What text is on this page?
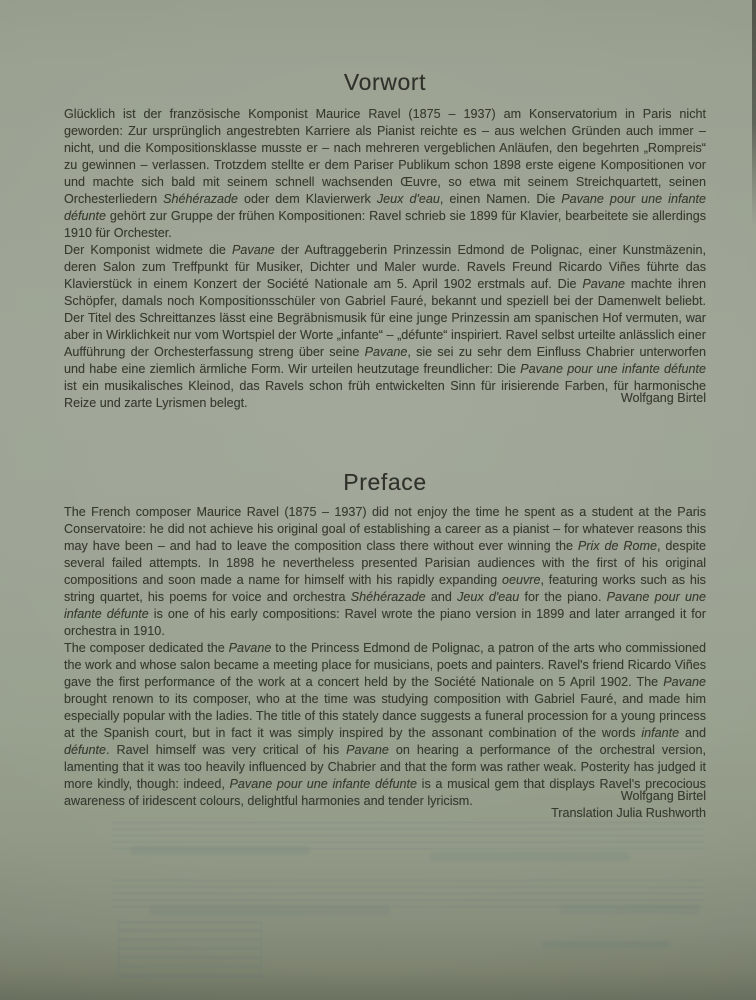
Vorwort

Glücklich ist der französische Komponist Maurice Ravel (1875 – 1937) am Konservatorium in Paris nicht geworden: Zur ursprünglich angestrebten Karriere als Pianist reichte es – aus welchen Gründen auch immer – nicht, und die Kompositionsklasse musste er – nach mehreren vergeblichen Anläufen, den begehrten „Rompreis“ zu gewinnen – verlassen. Trotzdem stellte er dem Pariser Publikum schon 1898 erste eigene Kompositionen vor und machte sich bald mit seinem schnell wachsenden Œuvre, so etwa mit seinem Streichquartett, seinen Orchesterliedern Shéhérazade oder dem Klavierwerk Jeux d'eau, einen Namen. Die Pavane pour une infante défunte gehört zur Gruppe der frühen Kompositionen: Ravel schrieb sie 1899 für Klavier, bearbeitete sie allerdings 1910 für Orchester.

Der Komponist widmete die Pavane der Auftraggeberin Prinzessin Edmond de Polignac, einer Kunstmäzenin, deren Salon zum Treffpunkt für Musiker, Dichter und Maler wurde. Ravels Freund Ricardo Viñes führte das Klavierstück in einem Konzert der Société Nationale am 5. April 1902 erstmals auf. Die Pavane machte ihren Schöpfer, damals noch Kompositionsschüler von Gabriel Fauré, bekannt und speziell bei der Damenwelt beliebt. Der Titel des Schreittanzes lässt eine Begräbnismusik für eine junge Prinzessin am spanischen Hof vermuten, war aber in Wirklichkeit nur vom Wortspiel der Worte „infante“ – „défunte“ inspiriert. Ravel selbst urteilte anlässlich einer Aufführung der Orchesterfassung streng über seine Pavane, sie sei zu sehr dem Einfluss Chabrier unterworfen und habe eine ziemlich ärmliche Form. Wir urteilen heutzutage freundlicher: Die Pavane pour une infante défunte ist ein musikalisches Kleinod, das Ravels schon früh entwickelten Sinn für irisierende Farben, für harmonische Reize und zarte Lyrismen belegt.	Wolfgang Birtel
Preface

The French composer Maurice Ravel (1875 – 1937) did not enjoy the time he spent as a student at the Paris Conservatoire: he did not achieve his original goal of establishing a career as a pianist – for whatever reasons this may have been – and had to leave the composition class there without ever winning the Prix de Rome, despite several failed attempts. In 1898 he nevertheless presented Parisian audiences with the first of his original compositions and soon made a name for himself with his rapidly expanding oeuvre, featuring works such as his string quartet, his poems for voice and orchestra Shéhérazade and Jeux d'eau for the piano. Pavane pour une infante défunte is one of his early compositions: Ravel wrote the piano version in 1899 and later arranged it for orchestra in 1910.

The composer dedicated the Pavane to the Princess Edmond de Polignac, a patron of the arts who commissioned the work and whose salon became a meeting place for musicians, poets and painters. Ravel's friend Ricardo Viñes gave the first performance of the work at a concert held by the Société Nationale on 5 April 1902. The Pavane brought renown to its composer, who at the time was studying composition with Gabriel Fauré, and made him especially popular with the ladies. The title of this stately dance suggests a funeral procession for a young princess at the Spanish court, but in fact it was simply inspired by the assonant combination of the words infante and défunte. Ravel himself was very critical of his Pavane on hearing a performance of the orchestral version, lamenting that it was too heavily influenced by Chabrier and that the form was rather weak. Posterity has judged it more kindly, though: indeed, Pavane pour une infante défunte is a musical gem that displays Ravel's precocious awareness of iridescent colours, delightful harmonies and tender lyricism.	Wolfgang Birtel
Translation Julia Rushworth
